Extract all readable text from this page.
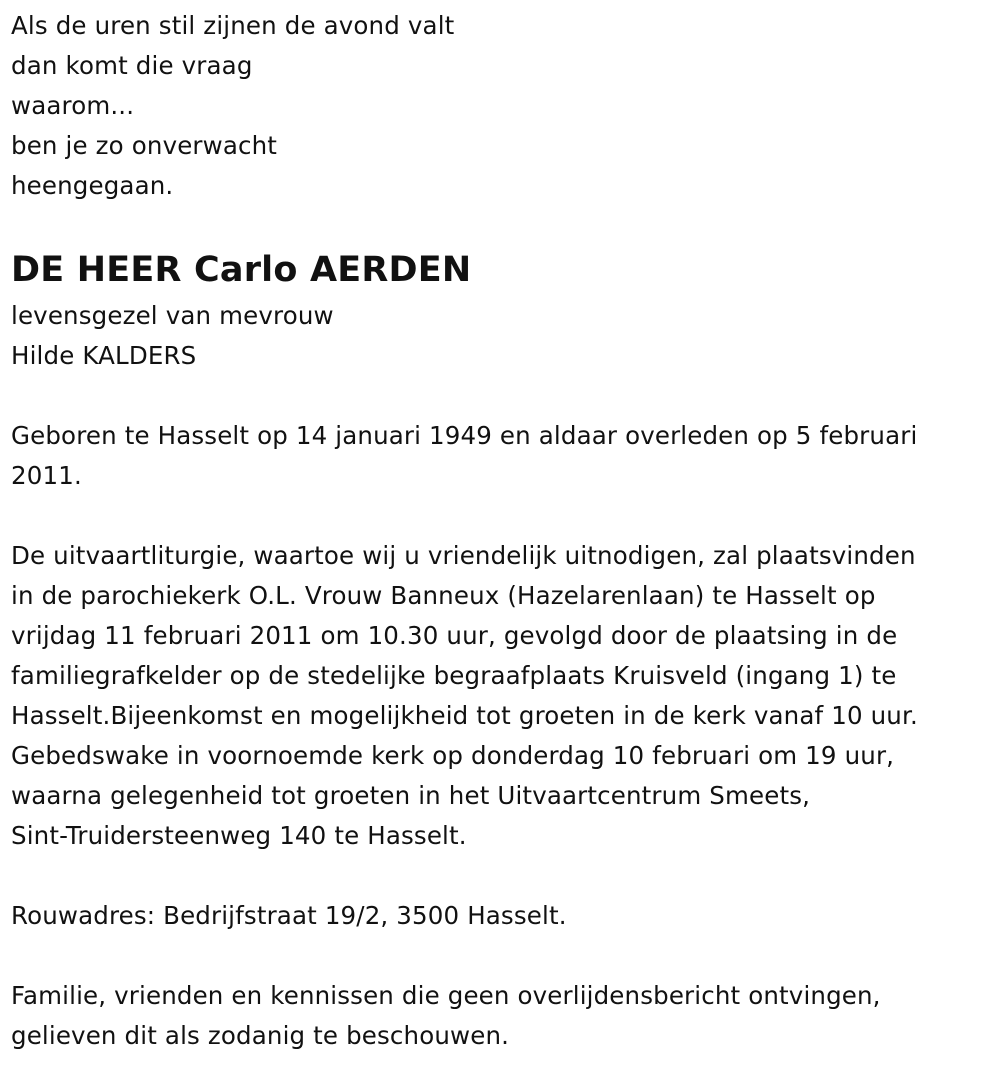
Als de uren stil zijnen de avond valt
dan komt die vraag
waarom...
ben je zo onverwacht
heengegaan.
DE HEER Carlo AERDEN
levensgezel van mevrouw
Hilde KALDERS
Geboren te Hasselt op 14 januari 1949 en aldaar overleden op 5 februari
2011.
De uitvaartliturgie, waartoe wij u vriendelijk uitnodigen, zal plaatsvinden
in de parochiekerk O.L. Vrouw Banneux (Hazelarenlaan) te Hasselt op
vrijdag 11 februari 2011 om 10.30 uur, gevolgd door de plaatsing in de
familiegrafkelder op de stedelijke begraafplaats Kruisveld (ingang 1) te
Hasselt.Bijeenkomst en mogelijkheid tot groeten in de kerk vanaf 10 uur.
Gebedswake in voornoemde kerk op donderdag 10 februari om 19 uur,
waarna gelegenheid tot groeten in het Uitvaartcentrum Smeets,
Sint-Truidersteenweg 140 te Hasselt.
Rouwadres: Bedrijfstraat 19/2, 3500 Hasselt.
Familie, vrienden en kennissen die geen overlijdensbericht ontvingen,
gelieven dit als zodanig te beschouwen.
